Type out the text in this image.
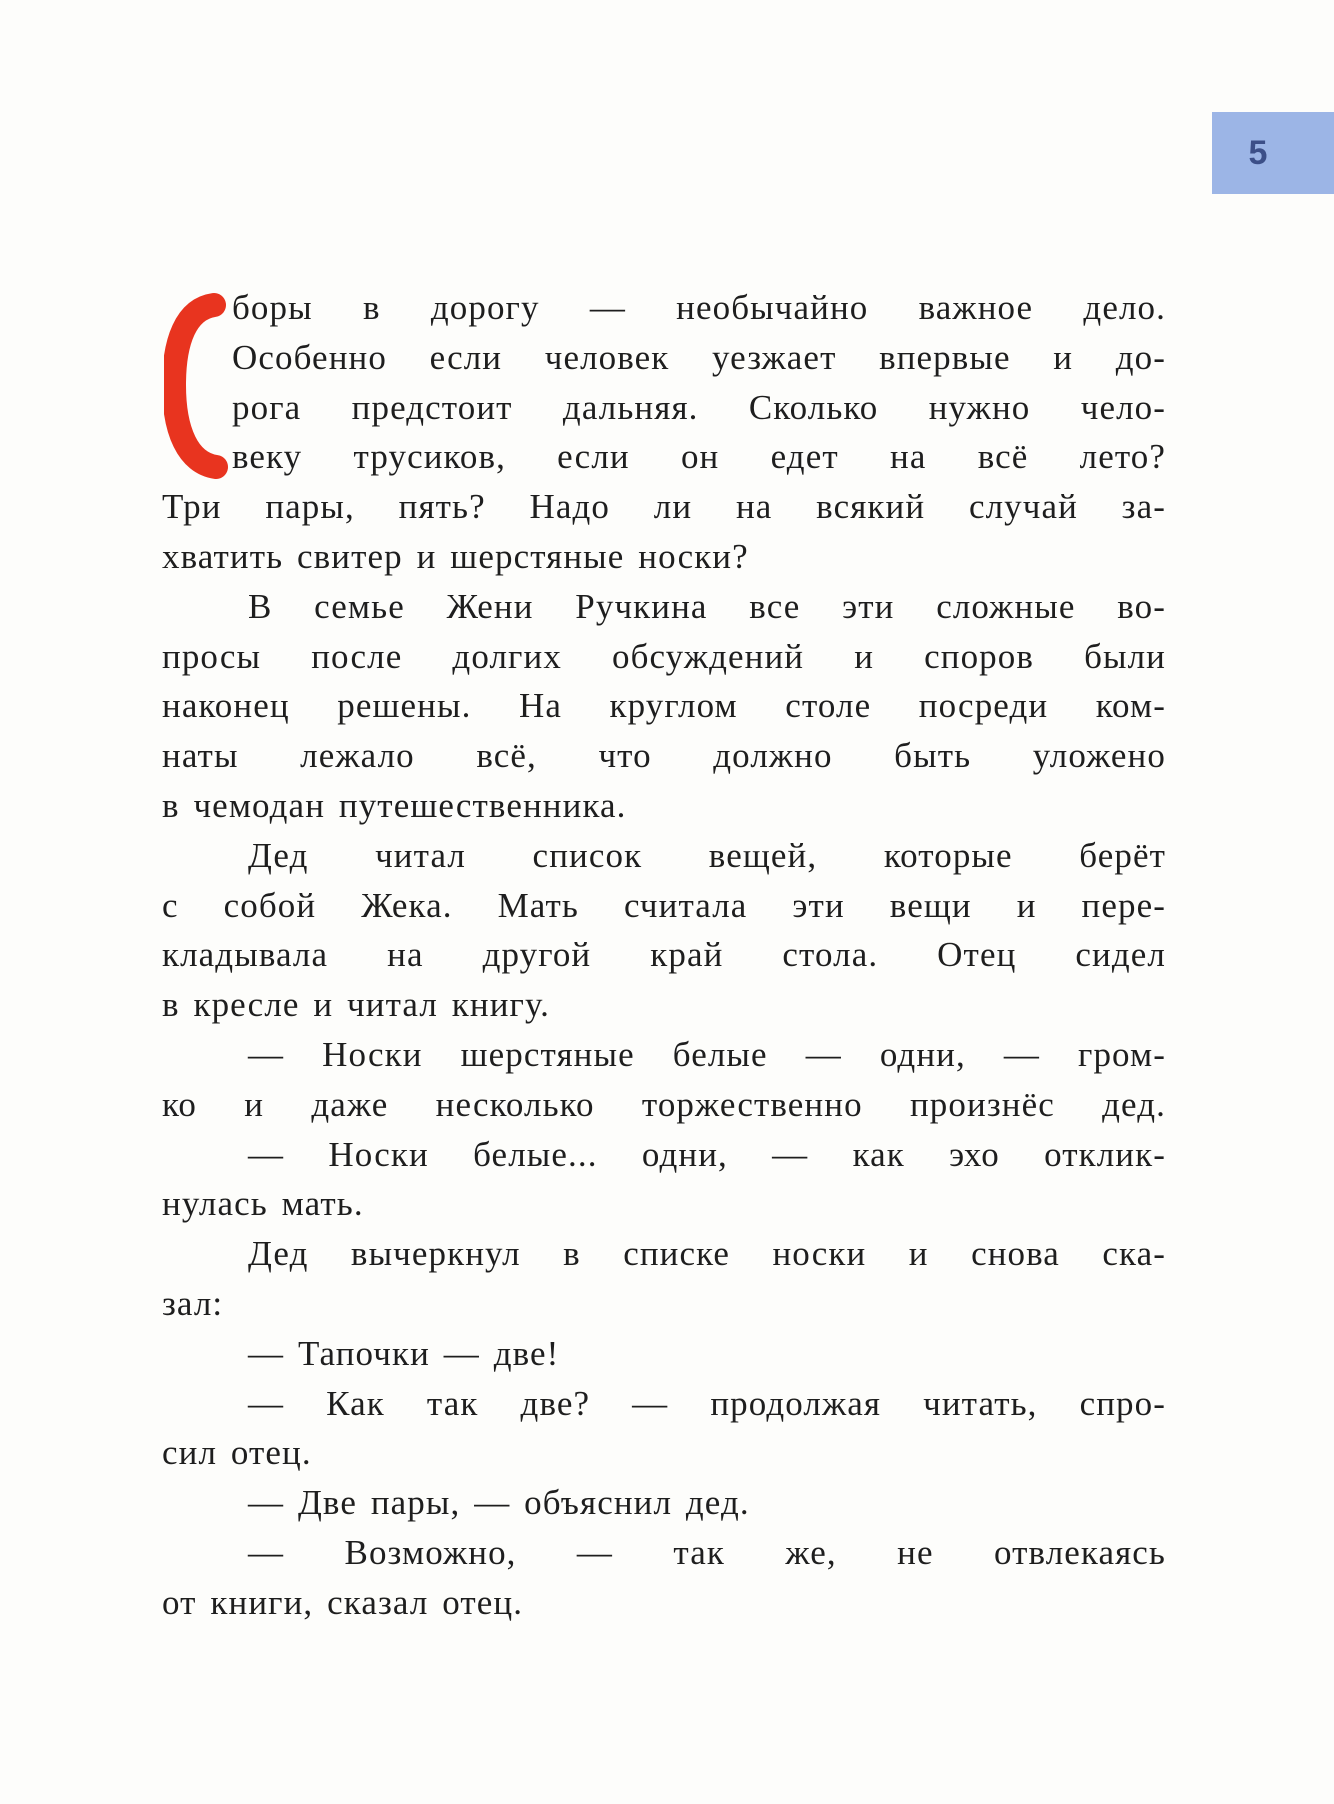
5
боры в дорогу — необычайно важное дело.
Особенно если человек уезжает впервые и до-
рога предстоит дальняя. Сколько нужно чело-
веку трусиков, если он едет на всё лето?
Три пары, пять? Надо ли на всякий случай за-
хватить свитер и шерстяные носки?
В семье Жени Ручкина все эти сложные во-
просы после долгих обсуждений и споров были
наконец решены. На круглом столе посреди ком-
наты лежало всё, что должно быть уложено
в чемодан путешественника.
Дед читал список вещей, которые берёт
с собой Жека. Мать считала эти вещи и пере-
кладывала на другой край стола. Отец сидел
в кресле и читал книгу.
— Носки шерстяные белые — одни, — гром-
ко и даже несколько торжественно произнёс дед.
— Носки белые... одни, — как эхо отклик-
нулась мать.
Дед вычеркнул в списке носки и снова ска-
зал:
— Тапочки — две!
— Как так две? — продолжая читать, спро-
сил отец.
— Две пары, — объяснил дед.
— Возможно, — так же, не отвлекаясь
от книги, сказал отец.
